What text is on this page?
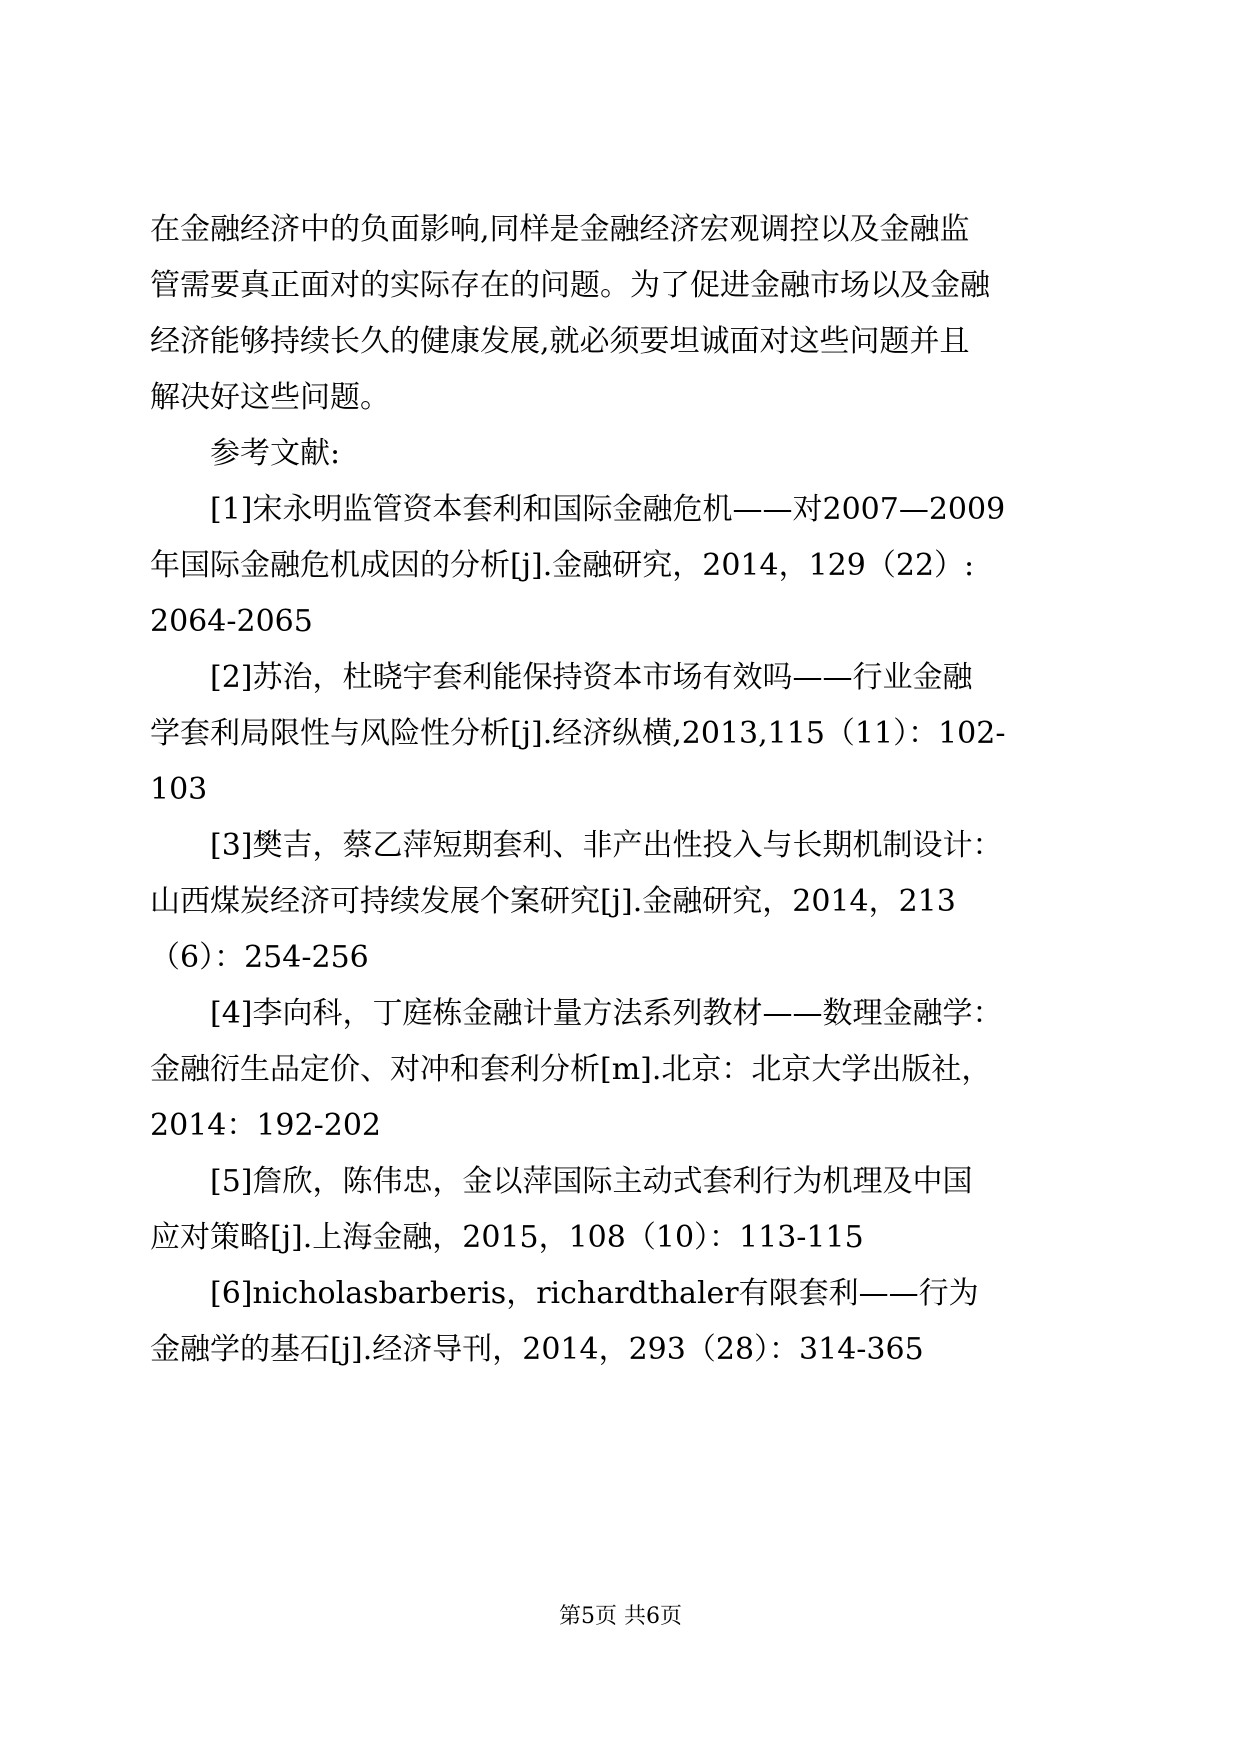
在金融经济中的负面影响,同样是金融经济宏观调控以及金融监

管需要真正面对的实际存在的问题。为了促进金融市场以及金融

经济能够持续长久的健康发展,就必须要坦诚面对这些问题并且

解决好这些问题。

参考文献:

[1]宋永明监管资本套利和国际金融危机——对2007—2009

年国际金融危机成因的分析[j].金融研究，2014，129（22）:

2064-2065

[2]苏治，杜晓宇套利能保持资本市场有效吗——行业金融

学套利局限性与风险性分析[j].经济纵横,2013,115（11）：102-

103

[3]樊吉，蔡乙萍短期套利、非产出性投入与长期机制设计：

山西煤炭经济可持续发展个案研究[j].金融研究，2014，213

（6）：254-256

[4]李向科，丁庭栋金融计量方法系列教材——数理金融学：

金融衍生品定价、对冲和套利分析[m].北京：北京大学出版社，

2014：192-202

[5]詹欣，陈伟忠，金以萍国际主动式套利行为机理及中国

应对策略[j].上海金融，2015，108（10）：113-115

[6]nicholasbarberis，richardthaler有限套利——行为

金融学的基石[j].经济导刊，2014，293（28）：314-365

第5页 共6页
